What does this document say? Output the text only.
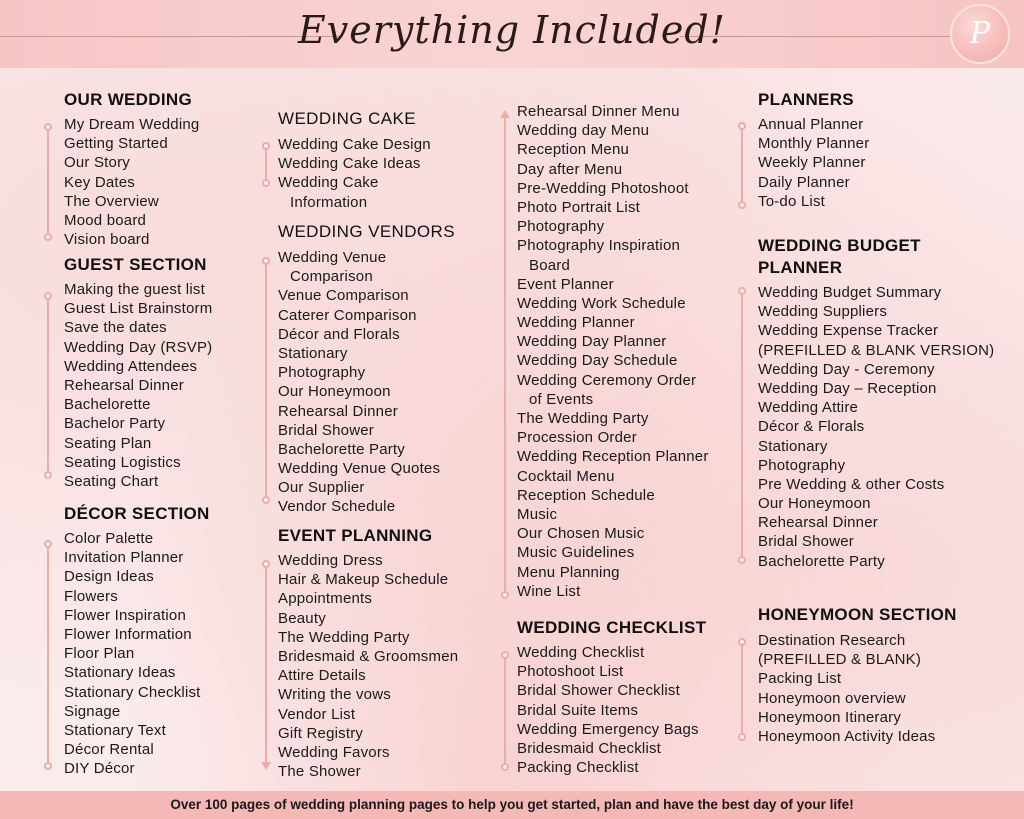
Everything Included!	P
OUR WEDDING
My Dream Wedding
Getting Started
Our Story
Key Dates
The Overview
Mood board
Vision board
GUEST SECTION
Making the guest list
Guest List Brainstorm
Save the dates
Wedding Day (RSVP)
Wedding Attendees
Rehearsal Dinner
Bachelorette
Bachelor Party
Seating Plan
Seating Logistics
Seating Chart
DÉCOR SECTION
Color Palette
Invitation Planner
Design Ideas
Flowers
Flower Inspiration
Flower Information
Floor Plan
Stationary Ideas
Stationary Checklist
Signage
Stationary Text
Décor Rental
DIY Décor
WEDDING CAKE
Wedding Cake Design
Wedding Cake Ideas
Wedding Cake
Information
WEDDING VENDORS
Wedding Venue
Comparison
Venue Comparison
Caterer Comparison
Décor and Florals
Stationary
Photography
Our Honeymoon
Rehearsal Dinner
Bridal Shower
Bachelorette Party
Wedding Venue Quotes
Our Supplier
Vendor Schedule
EVENT PLANNING
Wedding Dress
Hair & Makeup Schedule
Appointments
Beauty
The Wedding Party
Bridesmaid & Groomsmen
Attire Details
Writing the vows
Vendor List
Gift Registry
Wedding Favors
The Shower
Rehearsal Dinner Menu
Wedding day Menu
Reception Menu
Day after Menu
Pre-Wedding Photoshoot
Photo Portrait List
Photography
Photography Inspiration
Board
Event Planner
Wedding Work Schedule
Wedding Planner
Wedding Day Planner
Wedding Day Schedule
Wedding Ceremony Order
of Events
The Wedding Party
Procession Order
Wedding Reception Planner
Cocktail Menu
Reception Schedule
Music
Our Chosen Music
Music Guidelines
Menu Planning
Wine List
WEDDING CHECKLIST
Wedding Checklist
Photoshoot List
Bridal Shower Checklist
Bridal Suite Items
Wedding Emergency Bags
Bridesmaid Checklist
Packing Checklist
PLANNERS
Annual Planner
Monthly Planner
Weekly Planner
Daily Planner
To-do List
WEDDING BUDGET
PLANNER
Wedding Budget Summary
Wedding Suppliers
Wedding Expense Tracker
(PREFILLED & BLANK VERSION)
Wedding Day - Ceremony
Wedding Day – Reception
Wedding Attire
Décor & Florals
Stationary
Photography
Pre Wedding & other Costs
Our Honeymoon
Rehearsal Dinner
Bridal Shower
Bachelorette Party
HONEYMOON SECTION
Destination Research
(PREFILLED & BLANK)
Packing List
Honeymoon overview
Honeymoon Itinerary
Honeymoon Activity Ideas
Over 100 pages of wedding planning pages to help you get started, plan and have the best day of your life!
